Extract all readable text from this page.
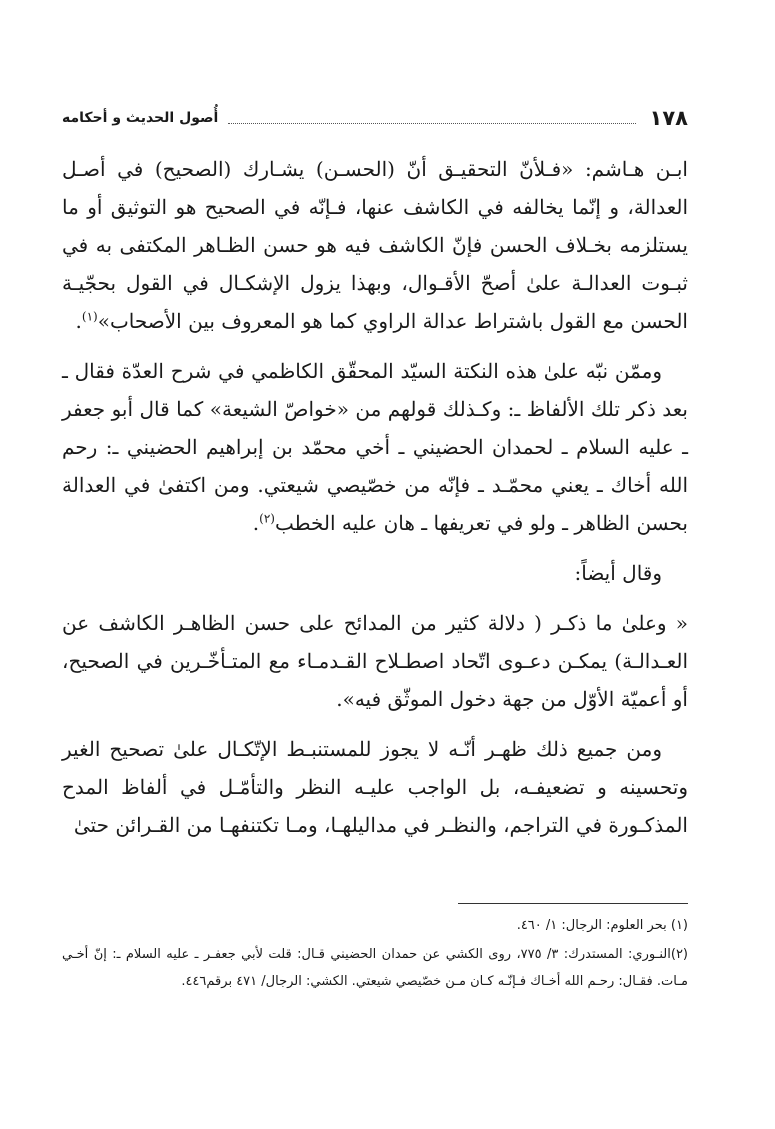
١٧٨
أُصول الحديث و أحكامه

ابـن هـاشم: «فـلأنّ التحقيـق أنّ (الحسـن) يشـارك (الصحيح) في أصـل العدالة، و إنّما يخالفه في الكاشف عنها، فـإنّه في الصحيح هو التوثيق أو ما يستلزمه بخـلاف الحسن فإنّ الكاشف فيه هو حسن الظـاهر المكتفى به في ثبـوت العدالـة علىٰ أصحّ الأقـوال، وبهذا يزول الإشكـال في القول بحجّيـة الحسن مع القول باشتراط عدالة الراوي كما هو المعروف بين الأصحاب»$^{(١)}$.

وممّن نبّه علىٰ هذه النكتة السيّد المحقّق الكاظمي في شرح العدّة فقال ـ بعد ذكر تلك الألفاظ ـ: وكـذلك قولهم من «خواصّ الشيعة» كما قال أبو جعفر ـ عليه السلام ـ لحمدان الحضيني ـ أخي محمّد بن إبراهيم الحضيني ـ: رحم الله أخاك ـ يعني محمّـد ـ فإنّه من خصّيصي شيعتي. ومن اكتفىٰ في العدالة بحسن الظاهر ـ ولو في تعريفها ـ هان عليه الخطب$^{(٢)}$.

وقال أيضاً:

« وعلىٰ ما ذكـر ( دلالة كثير من المدائح على حسن الظاهـر الكاشف عن العـدالـة) يمكـن دعـوى اتّحاد اصطـلاح القـدمـاء مع المتـأخّـرين في الصحيح، أو أعميّة الأوّل من جهة دخول الموثّق فيه».

ومن جميع ذلك ظهـر أنّـه لا يجوز للمستنبـط الإتّكـال علىٰ تصحيح الغير وتحسينه و تضعيفـه، بل الواجب عليـه النظر والتأمّـل في ألفاظ المدح المذكـورة في التراجم، والنظـر في مداليلهـا، ومـا تكتنفهـا من القـرائن حتىٰ

(١) بحر العلوم: الرجال: ١/ ٤٦٠.

(٢)النـوري: المستدرك: ٣/ ٧٧٥، روى الكشي عن حمدان الحضيني قـال: قلت لأبي جعفـر ـ عليه السلام ـ: إنّ أخـي مـات. فقـال: رحـم الله أخـاك فـإنّـه كـان مـن خصّيصي شيعتي. الكشي: الرجال/ ٤٧١ برقم٤٤٦.
